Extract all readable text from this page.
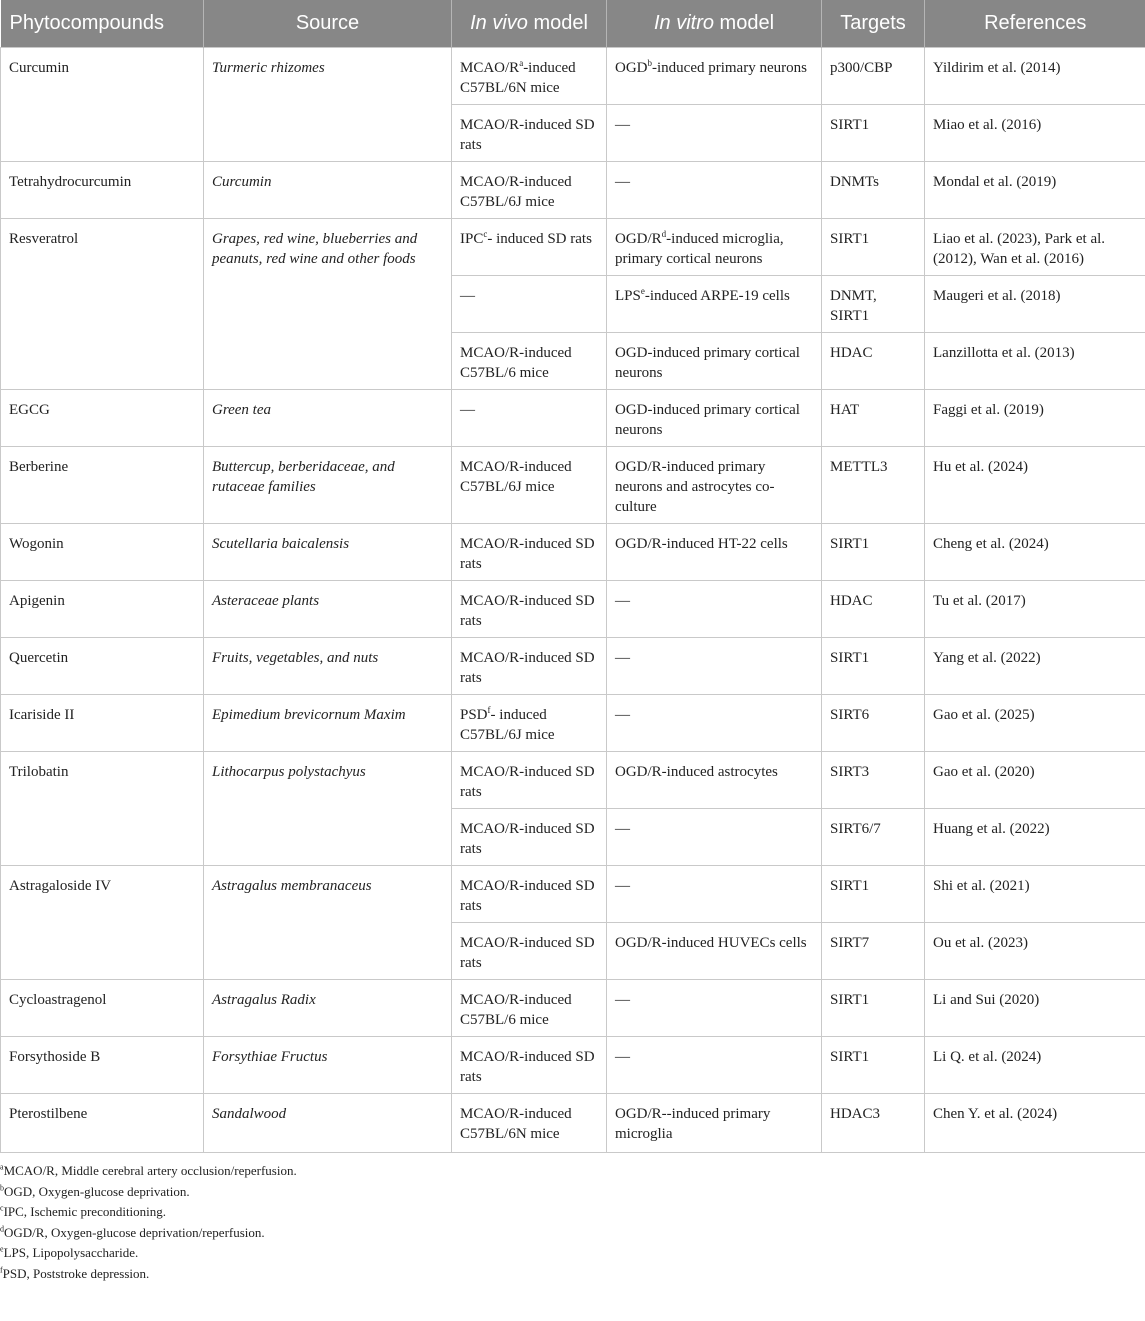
Phytocompounds	Source	In vivo model	In vitro model	Targets	References
Curcumin	Turmeric rhizomes	MCAO/$R^a$-induced C57BL/6N mice	OGD$^b$-induced primary neurons	p300/CBP	Yildirim et al. (2014)
		MCAO/R-induced SD rats	—	SIRT1	Miao et al. (2016)
Tetrahydrocurcumin	Curcumin	MCAO/R-induced C57BL/6J mice	—	DNMTs	Mondal et al. (2019)
Resveratrol	Grapes, red wine, blueberries and peanuts, red wine and other foods	IPC$^c$- induced SD rats	OGD/$R^d$-induced microglia, primary cortical neurons	SIRT1	Liao et al. (2023), Park et al. (2012), Wan et al. (2016)
		—	LPS$^e$-induced ARPE-19 cells	DNMT, SIRT1	Maugeri et al. (2018)
		MCAO/R-induced C57BL/6 mice	OGD-induced primary cortical neurons	HDAC	Lanzillotta et al. (2013)
EGCG	Green tea	—	OGD-induced primary cortical neurons	HAT	Faggi et al. (2019)
Berberine	Buttercup, berberidaceae, and rutaceae families	MCAO/R-induced C57BL/6J mice	OGD/R-induced primary neurons and astrocytes co-culture	METTL3	Hu et al. (2024)
Wogonin	Scutellaria baicalensis	MCAO/R-induced SD rats	OGD/R-induced HT-22 cells	SIRT1	Cheng et al. (2024)
Apigenin	Asteraceae plants	MCAO/R-induced SD rats	—	HDAC	Tu et al. (2017)
Quercetin	Fruits, vegetables, and nuts	MCAO/R-induced SD rats	—	SIRT1	Yang et al. (2022)
Icariside II	Epimedium brevicornum Maxim	PSD$^f$- induced C57BL/6J mice	—	SIRT6	Gao et al. (2025)
Trilobatin	Lithocarpus polystachyus	MCAO/R-induced SD rats	OGD/R-induced astrocytes	SIRT3	Gao et al. (2020)
		MCAO/R-induced SD rats	—	SIRT6/7	Huang et al. (2022)
Astragaloside IV	Astragalus membranaceus	MCAO/R-induced SD rats	—	SIRT1	Shi et al. (2021)
		MCAO/R-induced SD rats	OGD/R-induced HUVECs cells	SIRT7	Ou et al. (2023)
Cycloastragenol	Astragalus Radix	MCAO/R-induced C57BL/6 mice	—	SIRT1	Li and Sui (2020)
Forsythoside B	Forsythiae Fructus	MCAO/R-induced SD rats	—	SIRT1	Li Q. et al. (2024)
Pterostilbene	Sandalwood	MCAO/R-induced C57BL/6N mice	OGD/R--induced primary microglia	HDAC3	Chen Y. et al. (2024)
$^a$MCAO/R, Middle cerebral artery occlusion/reperfusion.
$^b$OGD, Oxygen-glucose deprivation.
$^c$IPC, Ischemic preconditioning.
$^d$OGD/R, Oxygen-glucose deprivation/reperfusion.
$^e$LPS, Lipopolysaccharide.
$^f$PSD, Poststroke depression.
